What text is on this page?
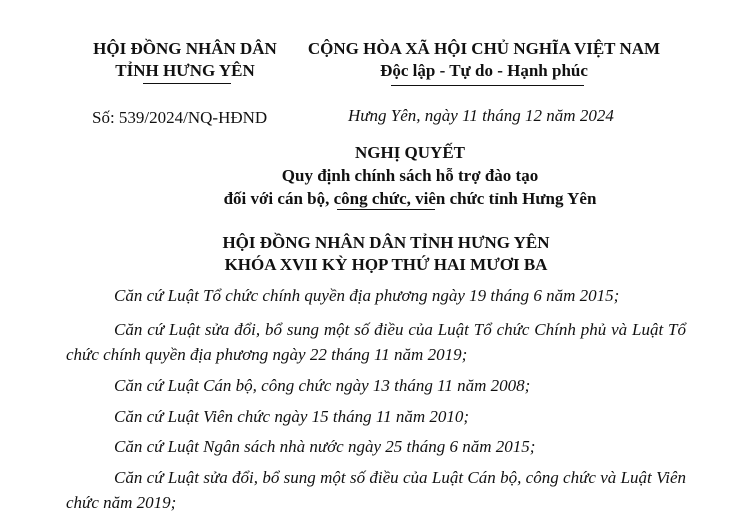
HỘI ĐỒNG NHÂN DÂN
TỈNH HƯNG YÊN
CỘNG HÒA XÃ HỘI CHỦ NGHĨA VIỆT NAM
Độc lập - Tự do - Hạnh phúc
Số: 539/2024/NQ-HĐND	Hưng Yên, ngày 11 tháng 12 năm 2024
NGHỊ QUYẾT
Quy định chính sách hỗ trợ đào tạo
đối với cán bộ, công chức, viên chức tỉnh Hưng Yên
HỘI ĐỒNG NHÂN DÂN TỈNH HƯNG YÊN
KHÓA XVII KỲ HỌP THỨ HAI MƯƠI BA

Căn cứ Luật Tổ chức chính quyền địa phương ngày 19 tháng 6 năm 2015;

Căn cứ Luật sửa đổi, bổ sung một số điều của Luật Tổ chức Chính phủ và Luật Tổ chức chính quyền địa phương ngày 22 tháng 11 năm 2019;

Căn cứ Luật Cán bộ, công chức ngày 13 tháng 11 năm 2008;

Căn cứ Luật Viên chức ngày 15 tháng 11 năm 2010;

Căn cứ Luật Ngân sách nhà nước ngày 25 tháng 6 năm 2015;

Căn cứ Luật sửa đổi, bổ sung một số điều của Luật Cán bộ, công chức và Luật Viên chức năm 2019;
